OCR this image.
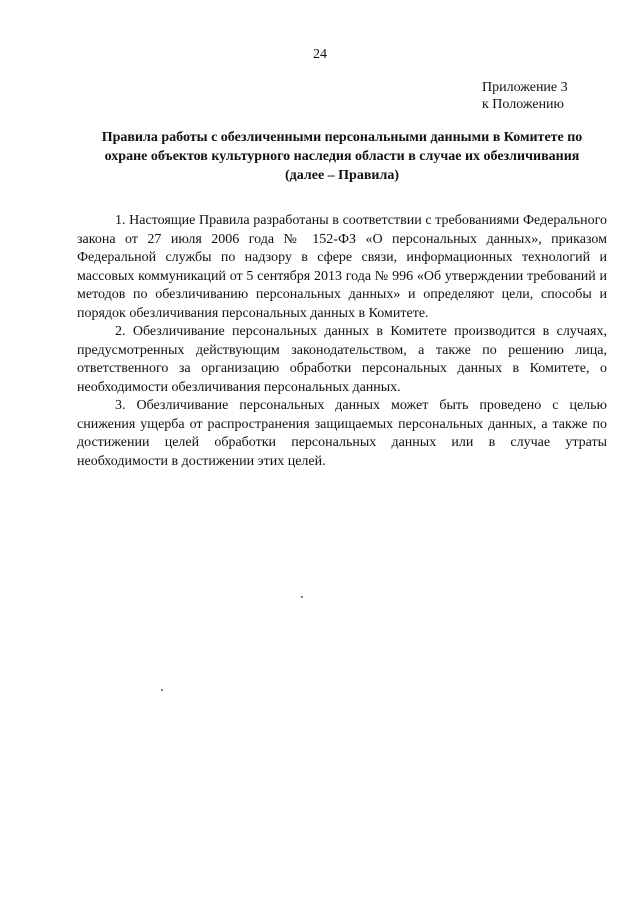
24
Приложение 3
к Положению
Правила работы с обезличенными персональными данными в Комитете по
охране объектов культурного наследия области в случае их обезличивания
(далее – Правила)

1. Настоящие Правила разработаны в соответствии с требованиями Федерального закона от 27 июля 2006 года № 152-ФЗ «О персональных данных», приказом Федеральной службы по надзору в сфере связи, информационных технологий и массовых коммуникаций от 5 сентября 2013 года № 996 «Об утверждении требований и методов по обезличиванию персональных данных» и определяют цели, способы и порядок обезличивания персональных данных в Комитете.

2. Обезличивание персональных данных в Комитете производится в случаях, предусмотренных действующим законодательством, а также по решению лица, ответственного за организацию обработки персональных данных в Комитете, о необходимости обезличивания персональных данных.

3. Обезличивание персональных данных может быть проведено с целью снижения ущерба от распространения защищаемых персональных данных, а также по достижении целей обработки персональных данных или в случае утраты необходимости в достижении этих целей.
